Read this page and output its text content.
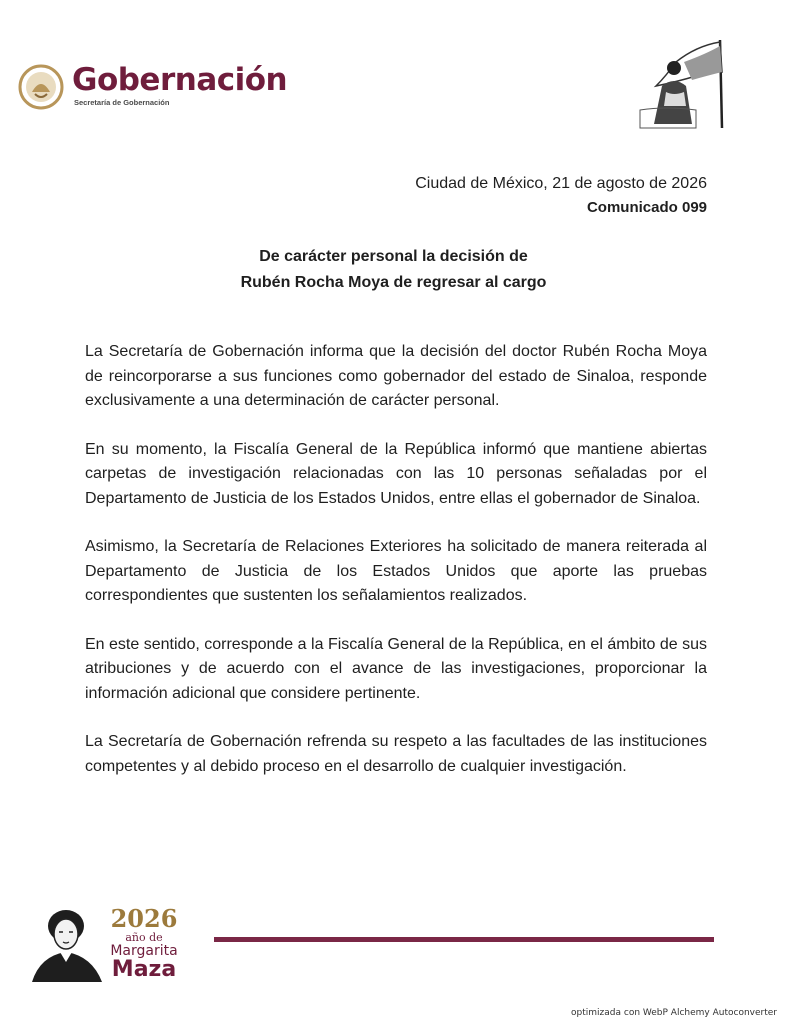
Gobernación
Secretaría de Gobernación
Ciudad de México, 21 de agosto de 2026
Comunicado 099
De carácter personal la decisión de
Rubén Rocha Moya de regresar al cargo

La Secretaría de Gobernación informa que la decisión del doctor Rubén Rocha Moya de reincorporarse a sus funciones como gobernador del estado de Sinaloa, responde exclusivamente a una determinación de carácter personal.

En su momento, la Fiscalía General de la República informó que mantiene abiertas carpetas de investigación relacionadas con las 10 personas señaladas por el Departamento de Justicia de los Estados Unidos, entre ellas el gobernador de Sinaloa.

Asimismo, la Secretaría de Relaciones Exteriores ha solicitado de manera reiterada al Departamento de Justicia de los Estados Unidos que aporte las pruebas correspondientes que sustenten los señalamientos realizados.

En este sentido, corresponde a la Fiscalía General de la República, en el ámbito de sus atribuciones y de acuerdo con el avance de las investigaciones, proporcionar la información adicional que considere pertinente.

La Secretaría de Gobernación refrenda su respeto a las facultades de las instituciones competentes y al debido proceso en el desarrollo de cualquier investigación.

2026
año de
Margarita
Maza
optimizada con WebP Alchemy Autoconverter
